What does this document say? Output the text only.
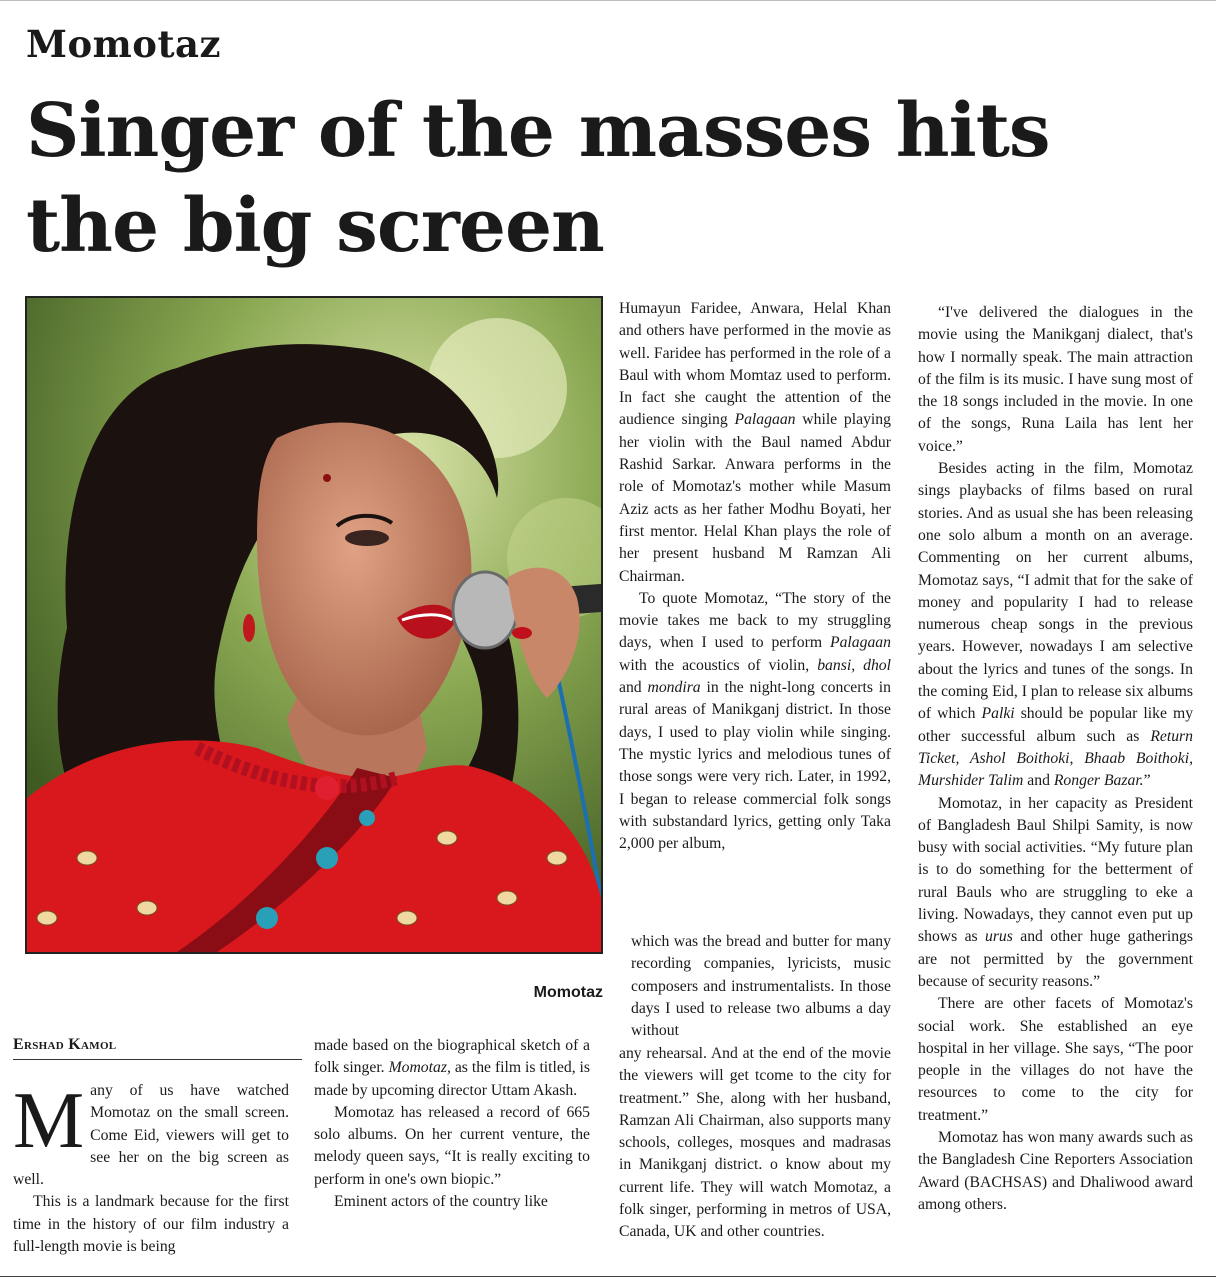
Momotaz
Singer of the masses hits the big screen
Momotaz
Ershad Kamol

Many of us have watched Momotaz on the small screen. Come Eid, viewers will get to see her on the big screen as well.

This is a landmark because for the first time in the history of our film industry a full-length movie is being

made based on the biographical sketch of a folk singer. Momotaz, as the film is titled, is made by upcoming director Uttam Akash.

Momotaz has released a record of 665 solo albums. On her current venture, the melody queen says, “It is really exciting to perform in one's own biopic.”

Eminent actors of the country like

Humayun Faridee, Anwara, Helal Khan and others have performed in the movie as well. Faridee has performed in the role of a Baul with whom Momtaz used to perform. In fact she caught the attention of the audience singing Palagaan while playing her violin with the Baul named Abdur Rashid Sarkar. Anwara performs in the role of Momotaz's mother while Masum Aziz acts as her father Modhu Boyati, her first mentor. Helal Khan plays the role of her present husband M Ramzan Ali Chairman.

To quote Momotaz, “The story of the movie takes me back to my struggling days, when I used to perform Palagaan with the acoustics of violin, bansi, dhol and mondira in the night-long concerts in rural areas of Manikganj district. In those days, I used to play violin while singing. The mystic lyrics and melodious tunes of those songs were very rich. Later, in 1992, I began to release commercial folk songs with substandard lyrics, getting only Taka 2,000 per album,

which was the bread and butter for many recording companies, lyricists, music composers and instrumentalists. In those days I used to release two albums a day without

any rehearsal. And at the end of the movie the viewers will get tcome to the city for treatment.” She, along with her husband, Ramzan Ali Chairman, also supports many schools, colleges, mosques and madrasas in Manikganj district. o know about my current life. They will watch Momotaz, a folk singer, performing in metros of USA, Canada, UK and other countries.

“I've delivered the dialogues in the movie using the Manikganj dialect, that's how I normally speak. The main attraction of the film is its music. I have sung most of the 18 songs included in the movie. In one of the songs, Runa Laila has lent her voice.”

Besides acting in the film, Momotaz sings playbacks of films based on rural stories. And as usual she has been releasing one solo album a month on an average. Commenting on her current albums, Momotaz says, “I admit that for the sake of money and popularity I had to release numerous cheap songs in the previous years. However, nowadays I am selective about the lyrics and tunes of the songs. In the coming Eid, I plan to release six albums of which Palki should be popular like my other successful album such as Return Ticket, Ashol Boithoki, Bhaab Boithoki, Murshider Talim and Ronger Bazar.”

Momotaz, in her capacity as President of Bangladesh Baul Shilpi Samity, is now busy with social activities. “My future plan is to do something for the betterment of rural Bauls who are struggling to eke a living. Nowadays, they cannot even put up shows as urus and other huge gatherings are not permitted by the government because of security reasons.”

There are other facets of Momotaz's social work. She established an eye hospital in her village. She says, “The poor people in the villages do not have the resources to come to the city for treatment.”

Momotaz has won many awards such as the Bangladesh Cine Reporters Association Award (BACHSAS) and Dhaliwood award among others.
